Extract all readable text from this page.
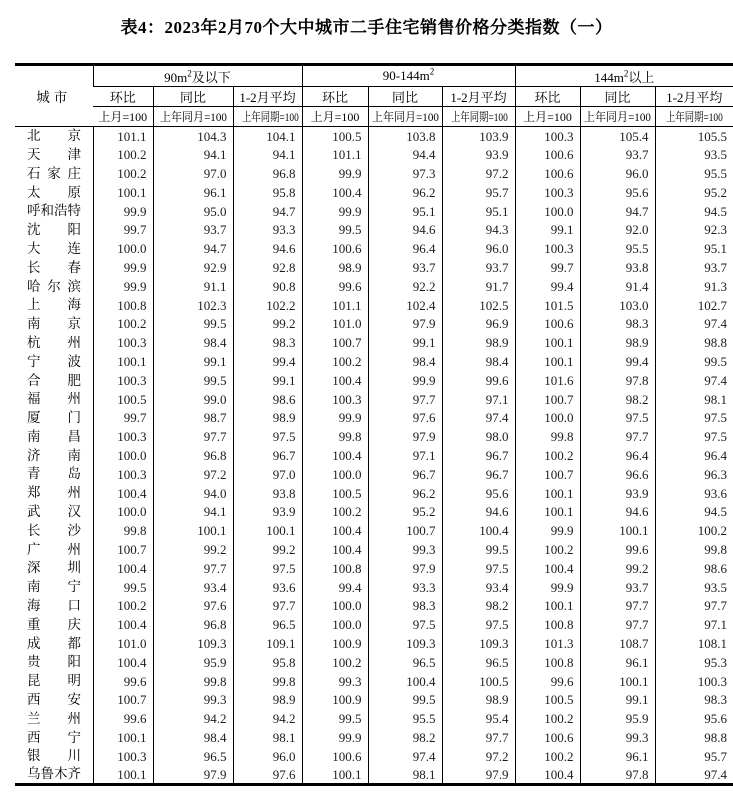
表4：2023年2月70个大中城市二手住宅销售价格分类指数（一）
城市	$90m^2$及以下			$90-144m^2$			$144m^2$以上		
	环比	同比	1-2月平均	环比	同比	1-2月平均	环比	同比	1-2月平均
	上月=100	上年同月=100	上年同期=100	上月=100	上年同月=100	上年同期=100	上月=100	上年同月=100	上年同期=100

北 京	101.1	104.3	104.1	100.5	103.8	103.9	100.3	105.4	105.5

天 津	100.2	94.1	94.1	101.1	94.4	93.9	100.6	93.7	93.5

石 家 庄	100.2	97.0	96.8	99.9	97.3	97.2	100.6	96.0	95.5

太 原	100.1	96.1	95.8	100.4	96.2	95.7	100.3	95.6	95.2

呼 和 浩 特	99.9	95.0	94.7	99.9	95.1	95.1	100.0	94.7	94.5

沈 阳	99.7	93.7	93.3	99.5	94.6	94.3	99.1	92.0	92.3

大 连	100.0	94.7	94.6	100.6	96.4	96.0	100.3	95.5	95.1

长 春	99.9	92.9	92.8	98.9	93.7	93.7	99.7	93.8	93.7

哈 尔 滨	99.9	91.1	90.8	99.6	92.2	91.7	99.4	91.4	91.3

上 海	100.8	102.3	102.2	101.1	102.4	102.5	101.5	103.0	102.7

南 京	100.2	99.5	99.2	101.0	97.9	96.9	100.6	98.3	97.4

杭 州	100.3	98.4	98.3	100.7	99.1	98.9	100.1	98.9	98.8

宁 波	100.1	99.1	99.4	100.2	98.4	98.4	100.1	99.4	99.5

合 肥	100.3	99.5	99.1	100.4	99.9	99.6	101.6	97.8	97.4

福 州	100.5	99.0	98.6	100.3	97.7	97.1	100.7	98.2	98.1

厦 门	99.7	98.7	98.9	99.9	97.6	97.4	100.0	97.5	97.5

南 昌	100.3	97.7	97.5	99.8	97.9	98.0	99.8	97.7	97.5

济 南	100.0	96.8	96.7	100.4	97.1	96.7	100.2	96.4	96.4

青 岛	100.3	97.2	97.0	100.0	96.7	96.7	100.7	96.6	96.3

郑 州	100.4	94.0	93.8	100.5	96.2	95.6	100.1	93.9	93.6

武 汉	100.0	94.1	93.9	100.2	95.2	94.6	100.1	94.6	94.5

长 沙	99.8	100.1	100.1	100.4	100.7	100.4	99.9	100.1	100.2

广 州	100.7	99.2	99.2	100.4	99.3	99.5	100.2	99.6	99.8

深 圳	100.4	97.7	97.5	100.8	97.9	97.5	100.4	99.2	98.6

南 宁	99.5	93.4	93.6	99.4	93.3	93.4	99.9	93.7	93.5

海 口	100.2	97.6	97.7	100.0	98.3	98.2	100.1	97.7	97.7

重 庆	100.4	96.8	96.5	100.0	97.5	97.5	100.8	97.7	97.1

成 都	101.0	109.3	109.1	100.9	109.3	109.3	101.3	108.7	108.1

贵 阳	100.4	95.9	95.8	100.2	96.5	96.5	100.8	96.1	95.3

昆 明	99.6	99.8	99.8	99.3	100.4	100.5	99.6	100.1	100.3

西 安	100.7	99.3	98.9	100.9	99.5	98.9	100.5	99.1	98.3

兰 州	99.6	94.2	94.2	99.5	95.5	95.4	100.2	95.9	95.6

西 宁	100.1	98.4	98.1	99.9	98.2	97.7	100.6	99.3	98.8

银 川	100.3	96.5	96.0	100.6	97.4	97.2	100.2	96.1	95.7

乌 鲁 木 齐	100.1	97.9	97.6	100.1	98.1	97.9	100.4	97.8	97.4
